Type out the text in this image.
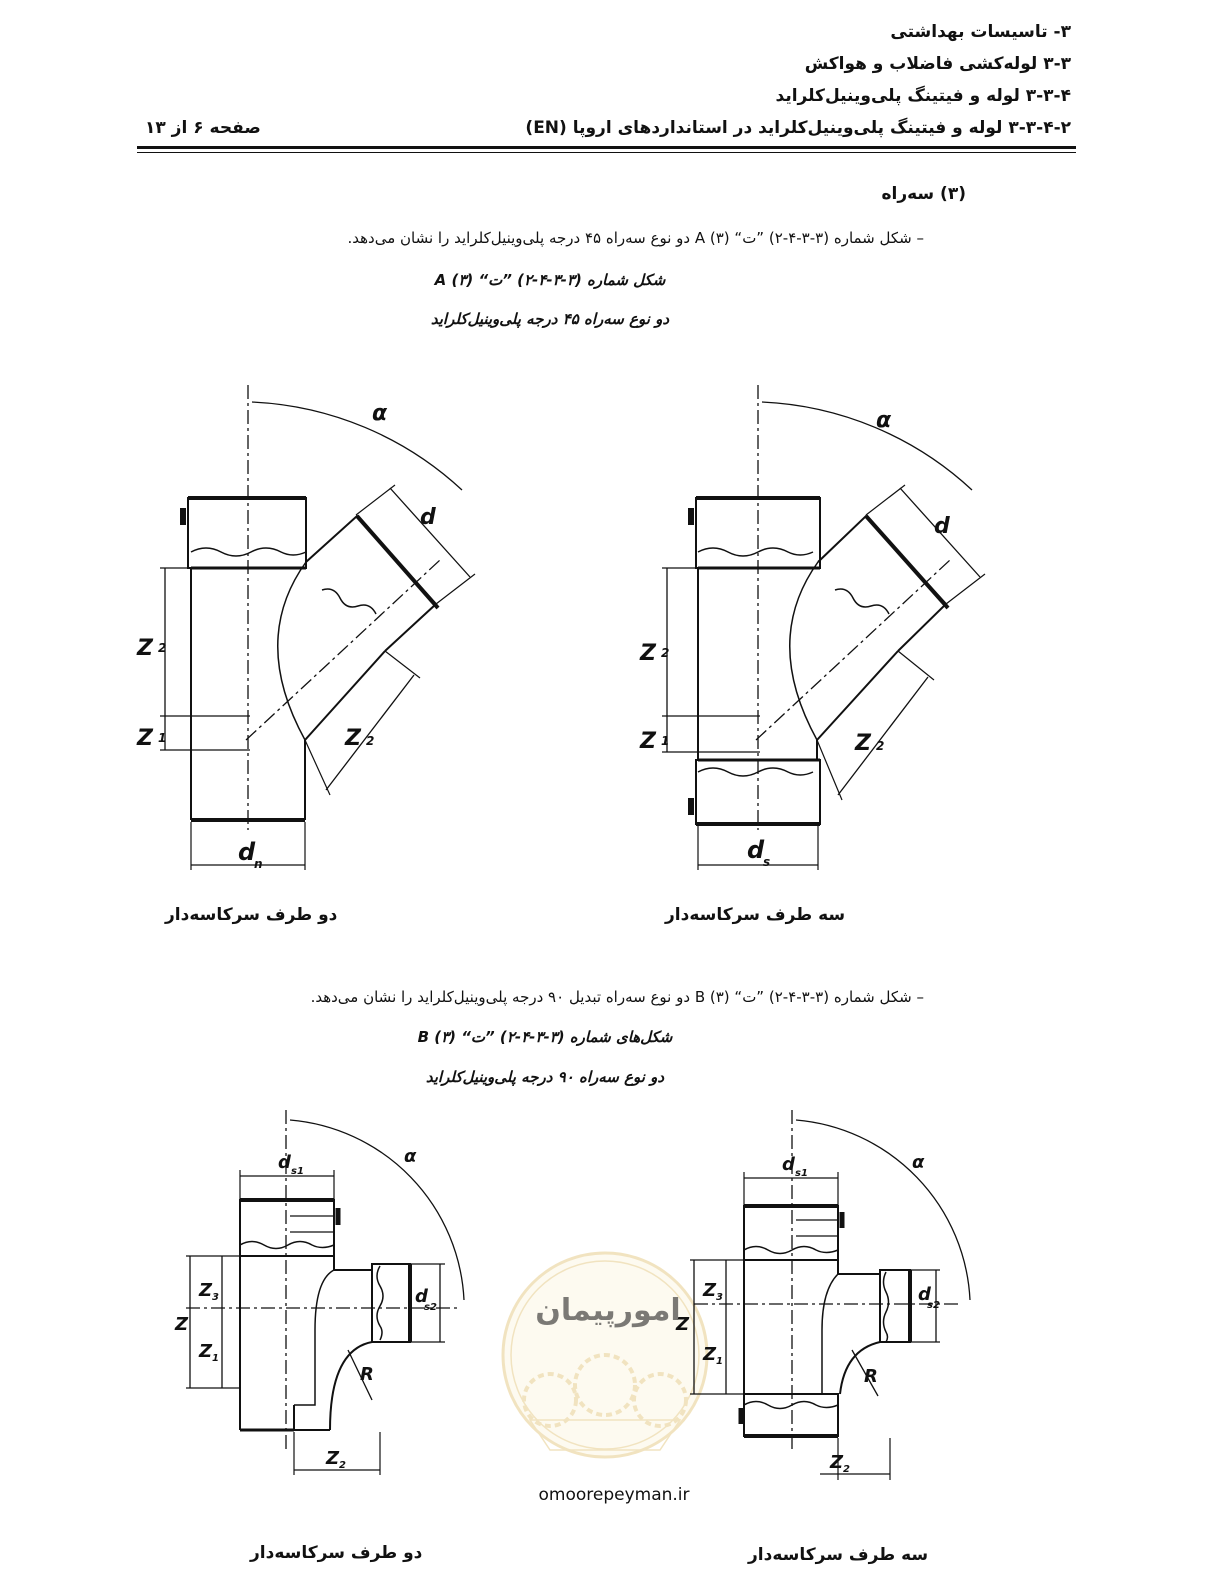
۳- تاسیسات بهداشتی
۳-۳ لوله‌کشی فاضلاب و هواکش
۳-۳-۴ لوله و فیتینگ پلی‌وینیل‌کلراید
۳-۳-۴-۲ لوله و فیتینگ پلی‌وینیل‌کلراید در استانداردهای اروپا (EN)
صفحه ۶ از ۱۳
(۳) سه‌راه
– شکل شماره (۳-۳-۴-۲) ”ت“ (۳) A دو نوع سه‌راه ۴۵ درجه پلی‌وینیل‌کلراید را نشان می‌دهد.
شکل شماره (۳-۳-۴-۲) ”ت“ (۳) A
دو نوع سه‌راه ۴۵ درجه پلی‌وینیل‌کلراید
α
d
Z 2
Z 1	Z 2
d
n
α
d
Z 2
Z 1	Z 2
d
s
دو طرف سرکاسه‌دار	سه طرف سرکاسه‌دار
– شکل شماره (۳-۳-۴-۲) ”ت“ (۳) B دو نوع سه‌راه تبدیل ۹۰ درجه پلی‌وینیل‌کلراید را نشان می‌دهد.
شکل‌های شماره (۳-۳-۴-۲) ”ت“ (۳) B
دو نوع سه‌راه ۹۰ درجه پلی‌وینیل‌کلراید
امورپیمان
omoorepeyman.ir
d s1
α
d
s2
Z
Z 3
Z 1
R
Z 2
d s1
α
d
s2
Z
Z 3
Z 1
R
Z 2
دو طرف سرکاسه‌دار	سه طرف سرکاسه‌دار
